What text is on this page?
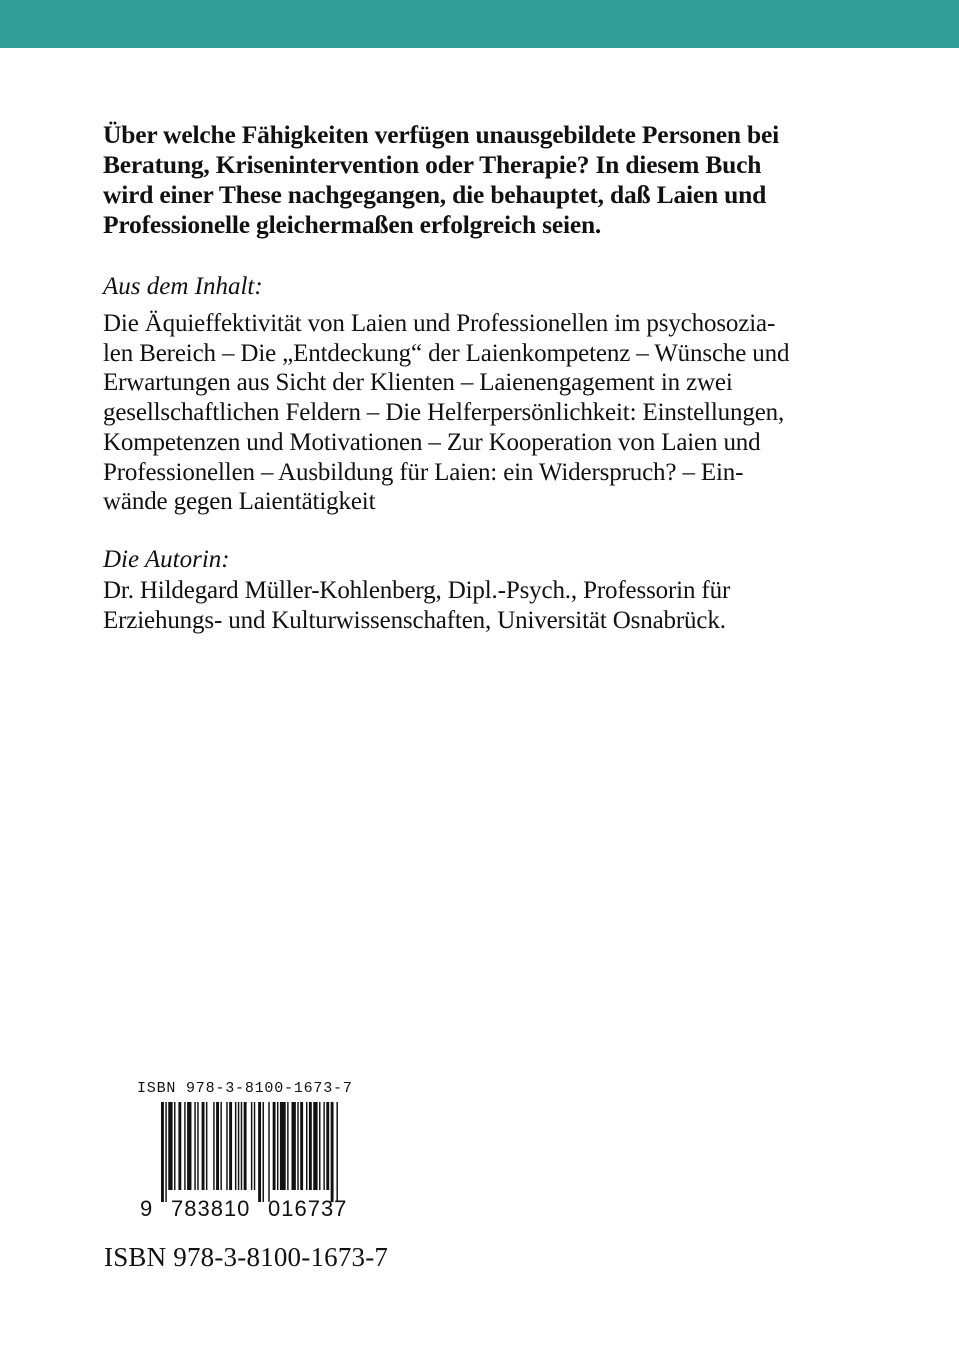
Über welche Fähigkeiten verfügen unausgebildete Personen bei
Beratung, Krisenintervention oder Therapie? In diesem Buch
wird einer These nachgegangen, die behauptet, daß Laien und
Professionelle gleichermaßen erfolgreich seien.
Aus dem Inhalt:
Die Äquieffektivität von Laien und Professionellen im psychosozia-
len Bereich – Die „Entdeckung“ der Laienkompetenz – Wünsche und
Erwartungen aus Sicht der Klienten – Laienengagement in zwei
gesellschaftlichen Feldern – Die Helferpersönlichkeit: Einstellungen,
Kompetenzen und Motivationen – Zur Kooperation von Laien und
Professionellen – Ausbildung für Laien: ein Widerspruch? – Ein-
wände gegen Laientätigkeit
Die Autorin:
Dr. Hildegard Müller-Kohlenberg, Dipl.-Psych., Professorin für
Erziehungs- und Kulturwissenschaften, Universität Osnabrück.
ISBN 978-3-8100-1673-7
9 783810 016737
ISBN 978-3-8100-1673-7
